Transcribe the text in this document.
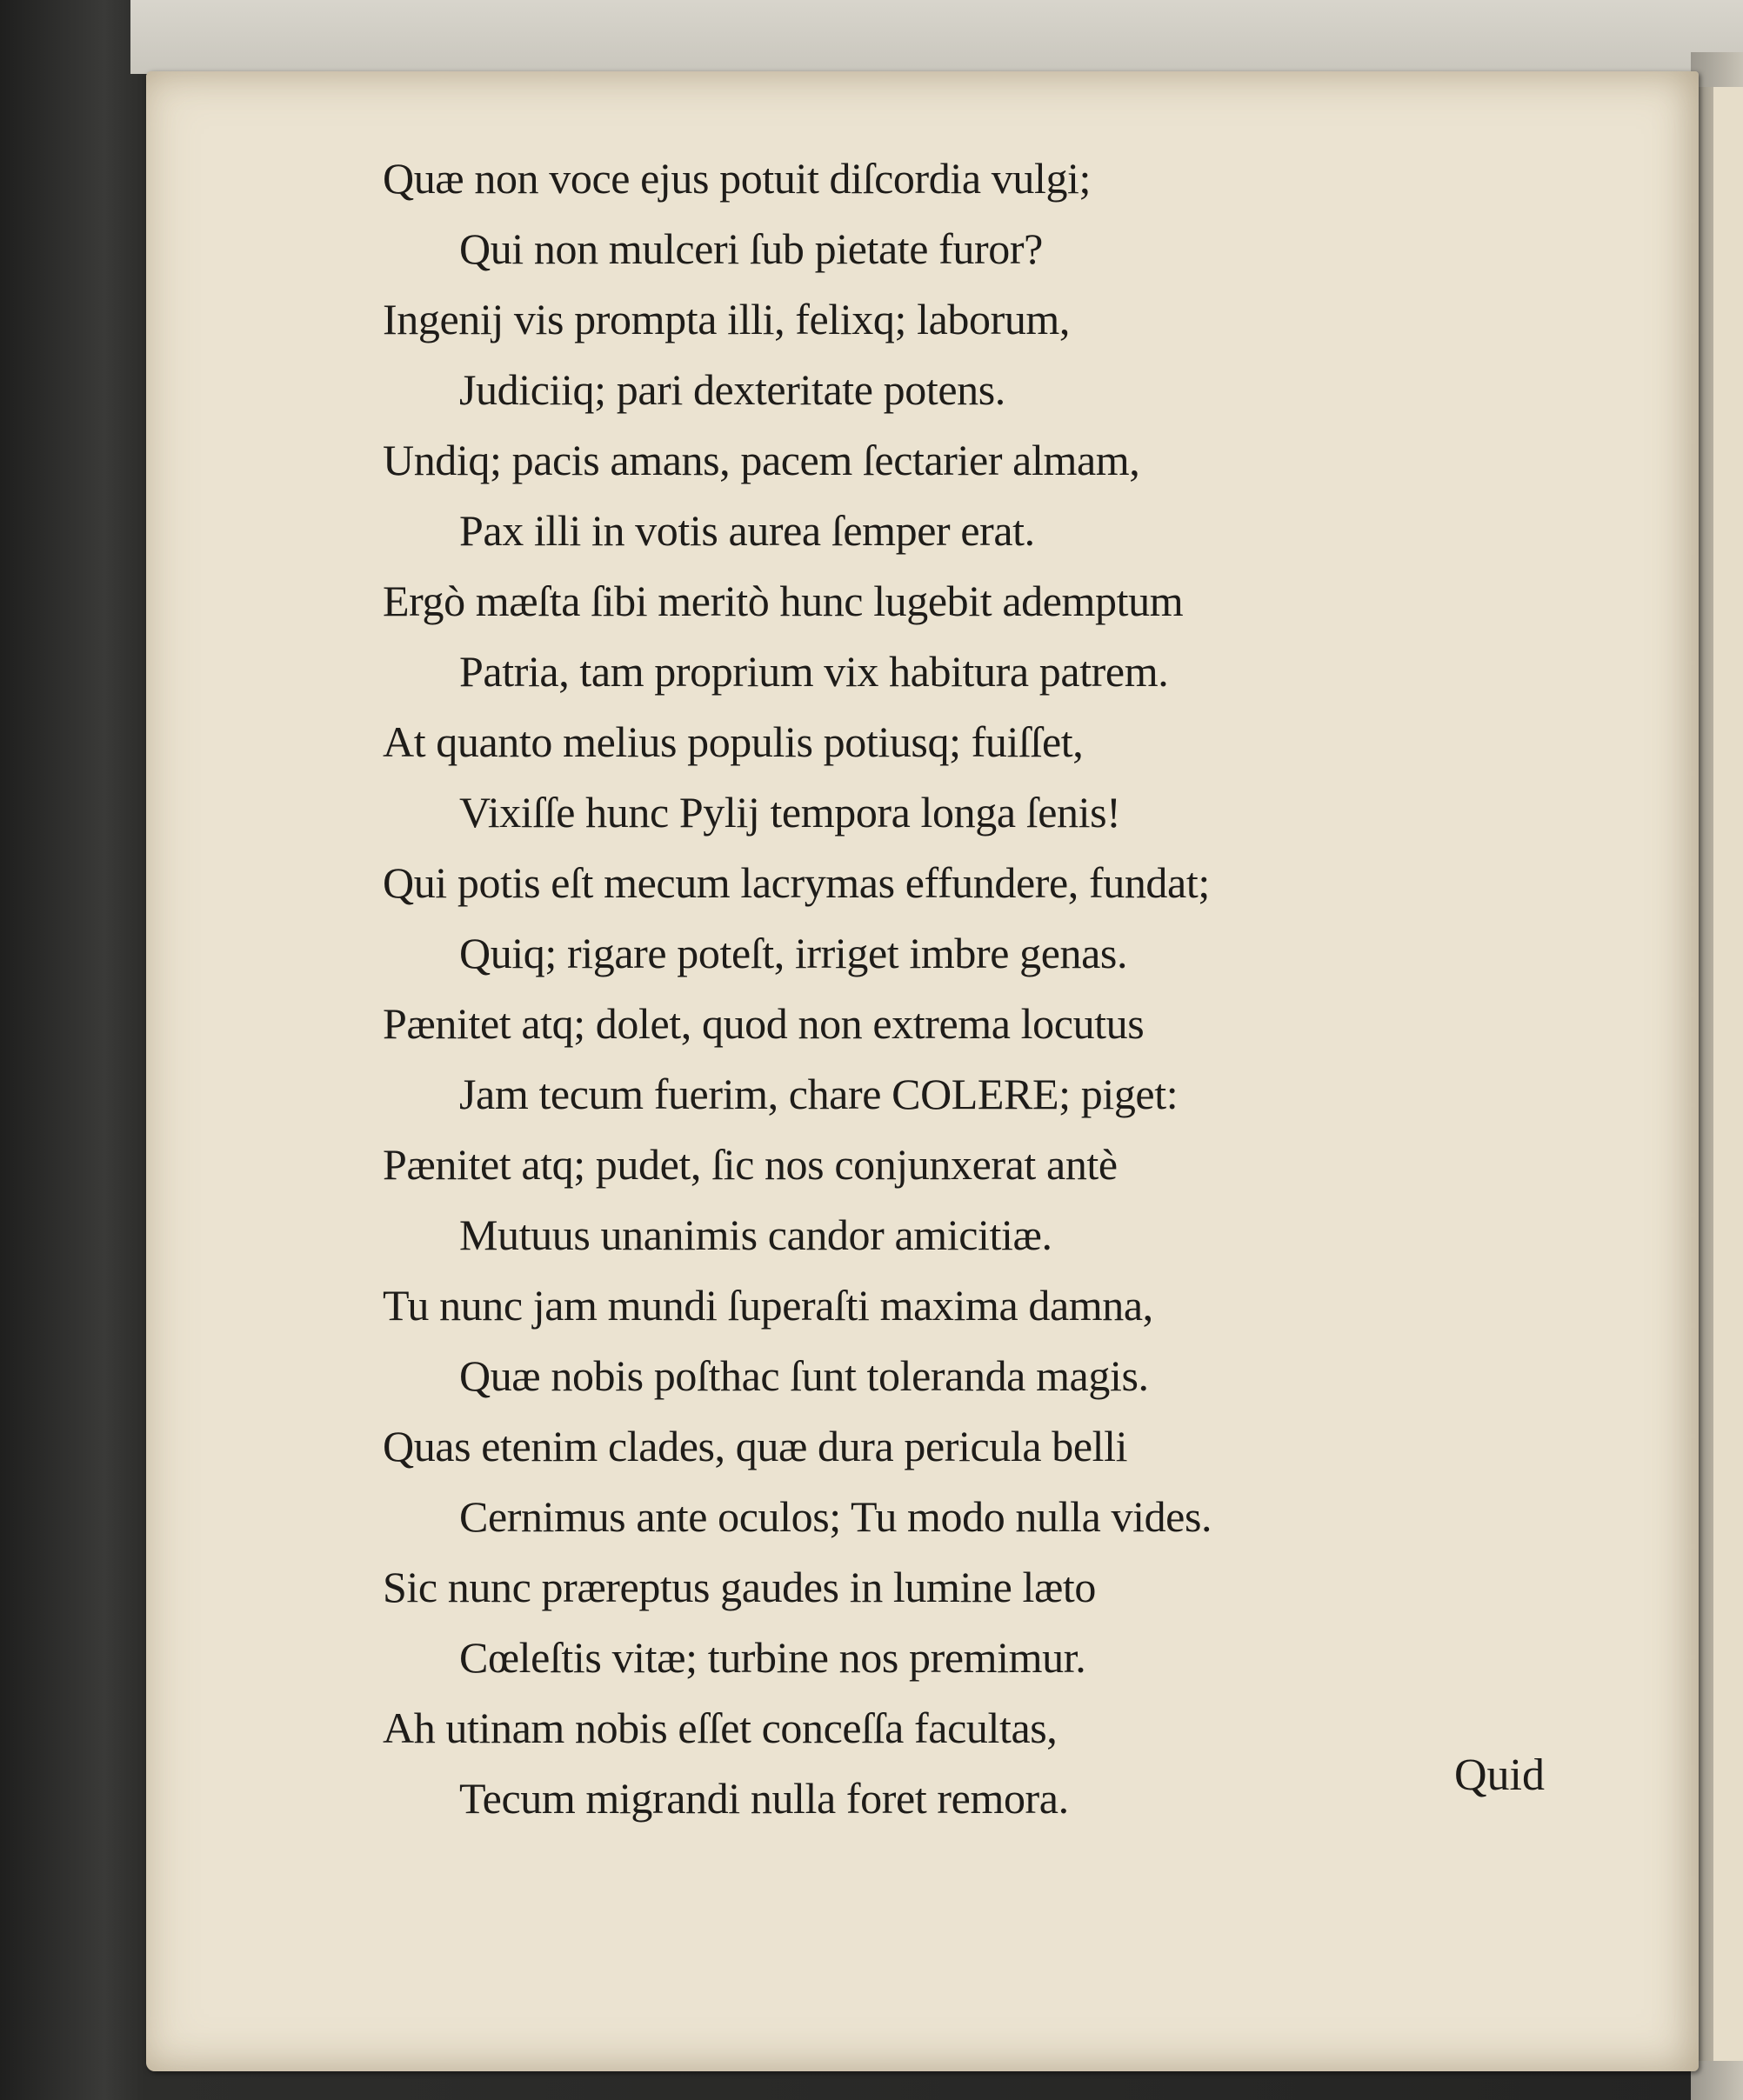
Quæ non voce ejus potuit diſcordia vulgi;
Qui non mulceri ſub pietate furor?
Ingenij vis prompta illi, felixq; laborum,
Judiciiq; pari dexteritate potens.
Undiq; pacis amans, pacem ſectarier almam,
Pax illi in votis aurea ſemper erat.
Ergò mæſta ſibi meritò hunc lugebit ademptum
Patria, tam proprium vix habitura patrem.
At quanto melius populis potiusq; fuiſſet,
Vixiſſe hunc Pylij tempora longa ſenis!
Qui potis eſt mecum lacrymas effundere, fundat;
Quiq; rigare poteſt, irriget imbre genas.
Pænitet atq; dolet, quod non extrema locutus
Jam tecum fuerim, chare COLERE; piget:
Pænitet atq; pudet, ſic nos conjunxerat antè
Mutuus unanimis candor amicitiæ.
Tu nunc jam mundi ſuperaſti maxima damna,
Quæ nobis poſthac ſunt toleranda magis.
Quas etenim clades, quæ dura pericula belli
Cernimus ante oculos; Tu modo nulla vides.
Sic nunc præreptus gaudes in lumine læto
Cœleſtis vitæ; turbine nos premimur.
Ah utinam nobis eſſet conceſſa facultas,
Tecum migrandi nulla foret remora.	Quid
